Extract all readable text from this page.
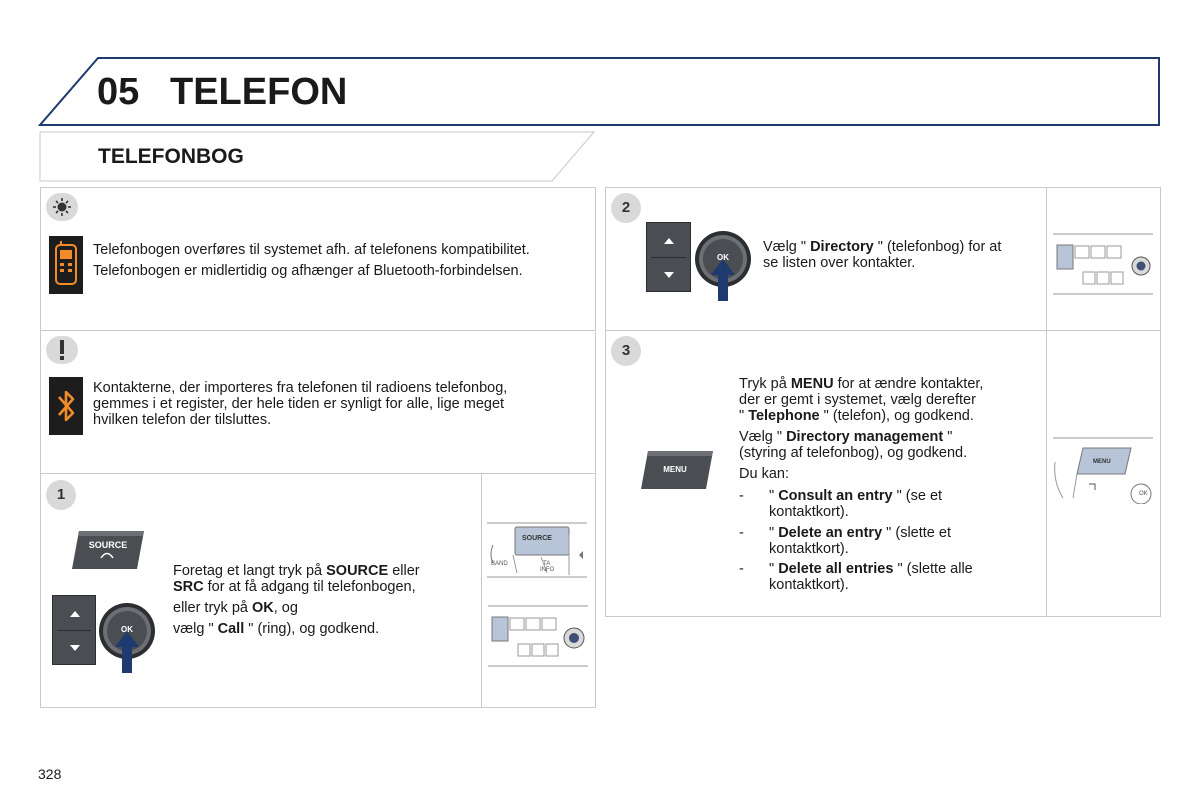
05 TELEFON
TELEFONBOG
Telefonbogen overføres til systemet afh. af telefonens kompatibilitet.
Telefonbogen er midlertidig og afhænger af Bluetooth-forbindelsen.
Kontakterne, der importeres fra telefonen til radioens telefonbog,
gemmes i et register, der hele tiden er synligt for alle, lige meget
hvilken telefon der tilsluttes.
1
SOURCE
OK
Foretag et langt tryk på SOURCE eller
SRC for at få adgang til telefonbogen,
eller tryk på OK, og
vælg " Call " (ring), og godkend.
SOURCE
BAND	TA
INFO
2
OK
Vælg " Directory " (telefonbog) for at
se listen over kontakter.
3
MENU
Tryk på MENU for at ændre kontakter,
der er gemt i systemet, vælg derefter
" Telephone " (telefon), og godkend.
Vælg " Directory management "
(styring af telefonbog), og godkend.
Du kan:
- " Consult an entry " (se et
kontaktkort).
- " Delete an entry " (slette et
kontaktkort).
- " Delete all entries " (slette alle
kontaktkort).
MENU
OK
328
